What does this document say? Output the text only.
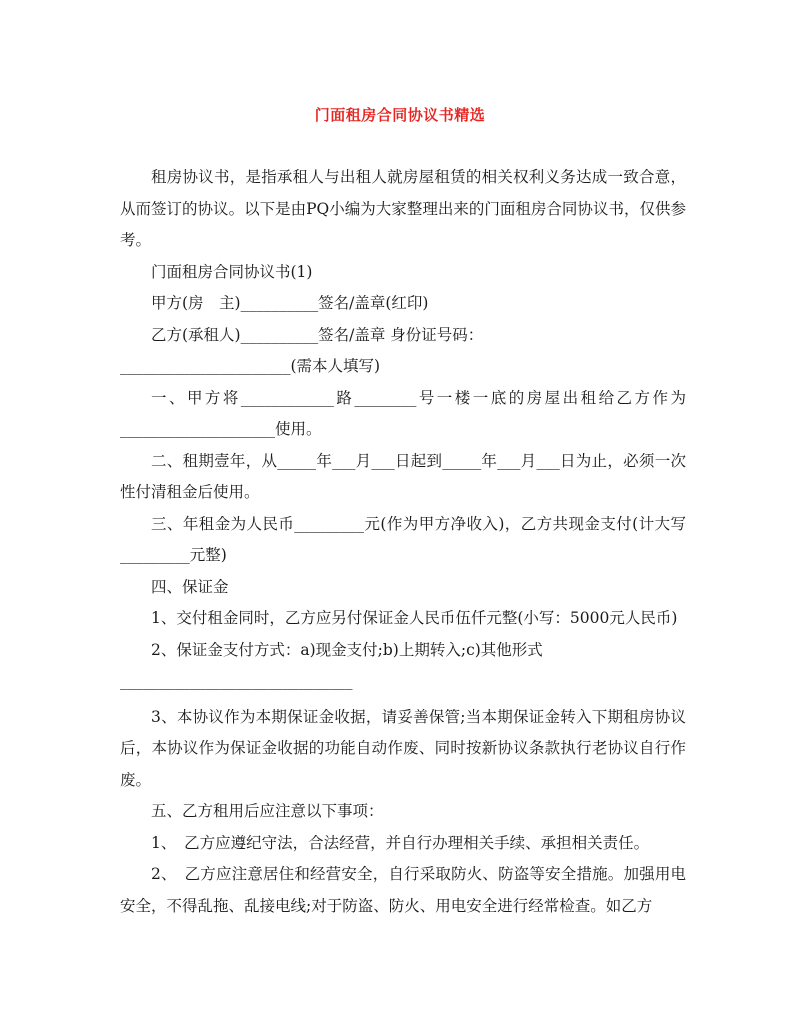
门面租房合同协议书精选

租房协议书，是指承租人与出租人就房屋租赁的相关权利义务达成一致合意，从而签订的协议。以下是由PQ小编为大家整理出来的门面租房合同协议书，仅供参考。

门面租房合同协议书(1)

甲方(房　主)__________签名/盖章(红印)

乙方(承租人)__________签名/盖章 身份证号码：

______________________(需本人填写)

一、甲方将____________路________号一楼一底的房屋出租给乙方作为____________________使用。

二、租期壹年，从_____年___月___日起到_____年___月___日为止，必须一次性付清租金后使用。

三、年租金为人民币_________元(作为甲方净收入)，乙方共现金支付(计大写_________元整)

四、保证金

1、交付租金同时，乙方应另付保证金人民币伍仟元整(小写：5000元人民币)

2、保证金支付方式：a)现金支付;b)上期转入;c)其他形式

______________________________

3、本协议作为本期保证金收据，请妥善保管;当本期保证金转入下期租房协议后，本协议作为保证金收据的功能自动作废、同时按新协议条款执行老协议自行作废。

五、乙方租用后应注意以下事项：

1、　乙方应遵纪守法，合法经营，并自行办理相关手续、承担相关责任。

2、　乙方应注意居住和经营安全，自行采取防火、防盗等安全措施。加强用电安全，不得乱拖、乱接电线;对于防盗、防火、用电安全进行经常检查。如乙方
